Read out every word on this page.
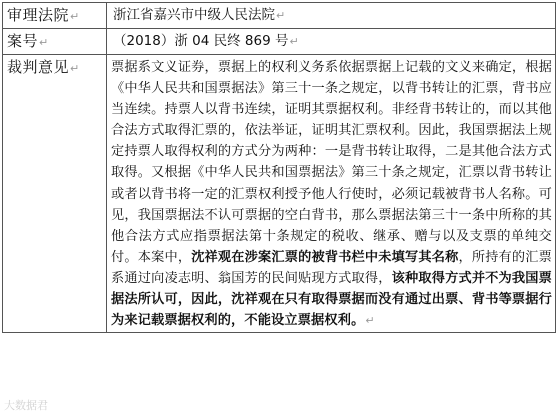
审理法院↵	浙江省嘉兴市中级人民法院↵

案号↵	（2018）浙 04 民终 869 号↵

裁判意见↵	票据系文义证券，票据上的权利义务系依据票据上记载的文义来确定，根据《中华人民共和国票据法》第三十一条之规定，以背书转让的汇票，背书应当连续。持票人以背书连续，证明其票据权利。非经背书转让的，而以其他合法方式取得汇票的，依法举证，证明其汇票权利。因此，我国票据法上规定持票人取得权利的方式分为两种：一是背书转让取得，二是其他合法方式取得。又根据《中华人民共和国票据法》第三十条之规定，汇票以背书转让或者以背书将一定的汇票权利授予他人行使时，必须记载被背书人名称。可见，我国票据法不认可票据的空白背书，那么票据法第三十一条中所称的其他合法方式应指票据法第十条规定的税收、继承、赠与以及支票的单纯交付。本案中，沈祥观在涉案汇票的被背书栏中未填写其名称，所持有的汇票系通过向凌志明、翁国芳的民间贴现方式取得，该种取得方式并不为我国票据法所认可，因此，沈祥观在只有取得票据而没有通过出票、背书等票据行为来记载票据权利的，不能设立票据权利。↵
大数据君
